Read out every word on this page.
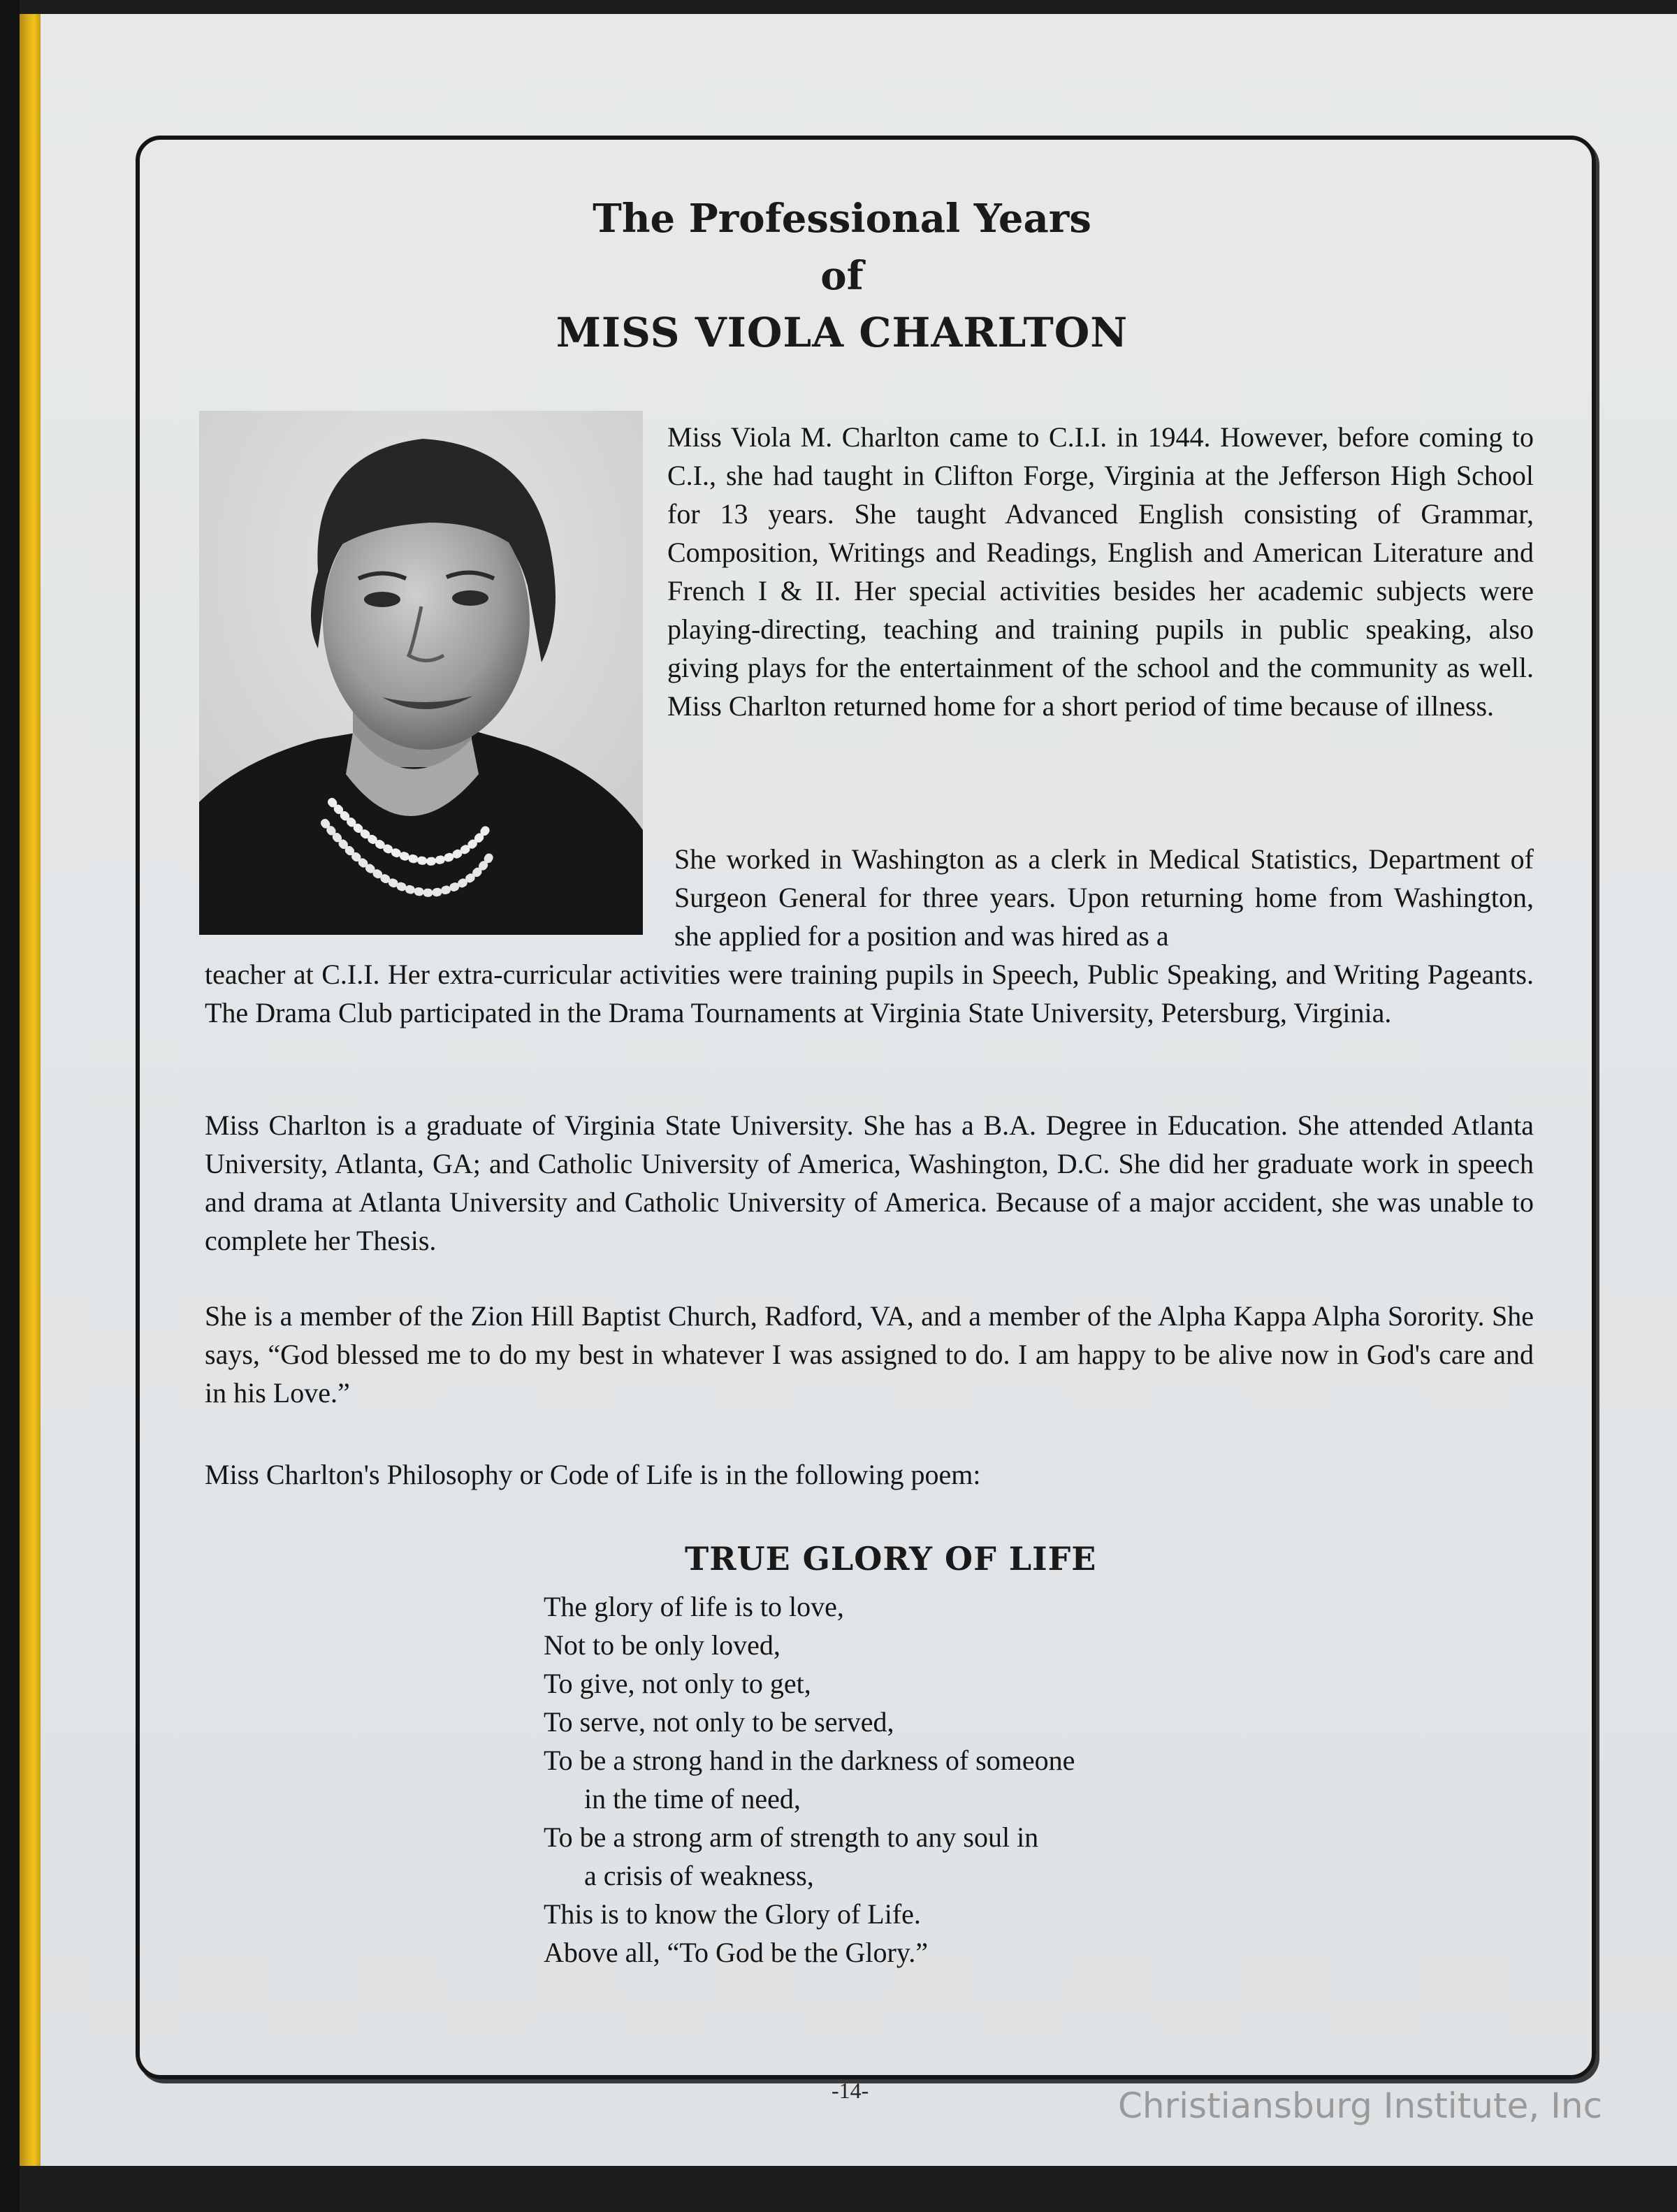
The Professional Years
of
MISS VIOLA CHARLTON

Miss Viola M. Charlton came to C.I.I. in 1944. However, before coming to C.I., she had taught in Clifton Forge, Virginia at the Jefferson High School for 13 years. She taught Advanced English consisting of Grammar, Composition, Writings and Readings, English and American Literature and French I & II. Her special activities besides her academic subjects were playing-directing, teaching and training pupils in public speaking, also giving plays for the entertainment of the school and the community as well. Miss Charlton returned home for a short period of time because of illness.

She worked in Washington as a clerk in Medical Statistics, Department of Surgeon General for three years. Upon returning home from Washington, she applied for a position and was hired as a

teacher at C.I.I. Her extra-curricular activities were training pupils in Speech, Public Speaking, and Writing Pageants. The Drama Club participated in the Drama Tournaments at Virginia State University, Petersburg, Virginia.

Miss Charlton is a graduate of Virginia State University. She has a B.A. Degree in Education. She attended Atlanta University, Atlanta, GA; and Catholic University of America, Washington, D.C. She did her graduate work in speech and drama at Atlanta University and Catholic University of America. Because of a major accident, she was unable to complete her Thesis.

She is a member of the Zion Hill Baptist Church, Radford, VA, and a member of the Alpha Kappa Alpha Sorority. She says, “God blessed me to do my best in whatever I was assigned to do. I am happy to be alive now in God's care and in his Love.”

Miss Charlton's Philosophy or Code of Life is in the following poem:

TRUE GLORY OF LIFE
The glory of life is to love,
Not to be only loved,
To give, not only to get,
To serve, not only to be served,
To be a strong hand in the darkness of someone
in the time of need,
To be a strong arm of strength to any soul in
a crisis of weakness,
This is to know the Glory of Life.
Above all, “To God be the Glory.”
-14-	Christiansburg Institute, Inc
